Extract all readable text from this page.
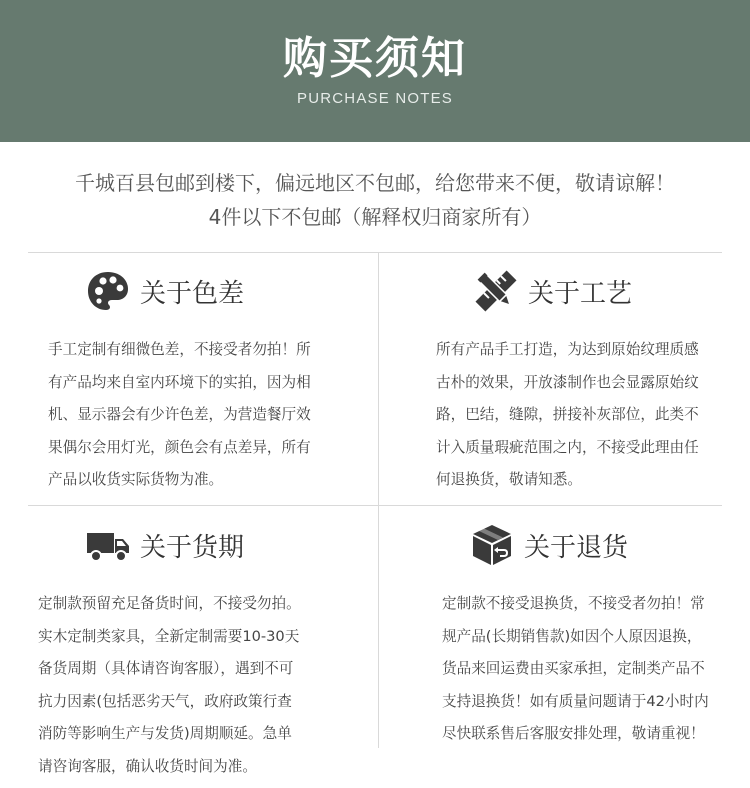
购买须知
PURCHASE NOTES
千城百县包邮到楼下，偏远地区不包邮，给您带来不便，敬请谅解！
4件以下不包邮（解释权归商家所有）
关于色差
手工定制有细微色差，不接受者勿拍！所
有产品均来自室内环境下的实拍，因为相
机、显示器会有少许色差，为营造餐厅效
果偶尔会用灯光，颜色会有点差异，所有
产品以收货实际货物为准。
关于工艺
所有产品手工打造，为达到原始纹理质感
古朴的效果，开放漆制作也会显露原始纹
路，巴结，缝隙，拼接补灰部位，此类不
计入质量瑕疵范围之内，不接受此理由任
何退换货，敬请知悉。
关于货期
定制款预留充足备货时间，不接受勿拍。
实木定制类家具，全新定制需要10-30天
备货周期（具体请咨询客服），遇到不可
抗力因素(包括恶劣天气，政府政策行查
消防等影响生产与发货)周期顺延。急单
请咨询客服，确认收货时间为准。
关于退货
定制款不接受退换货，不接受者勿拍！常
规产品(长期销售款)如因个人原因退换，
货品来回运费由买家承担，定制类产品不
支持退换货！如有质量问题请于42小时内
尽快联系售后客服安排处理，敬请重视！
